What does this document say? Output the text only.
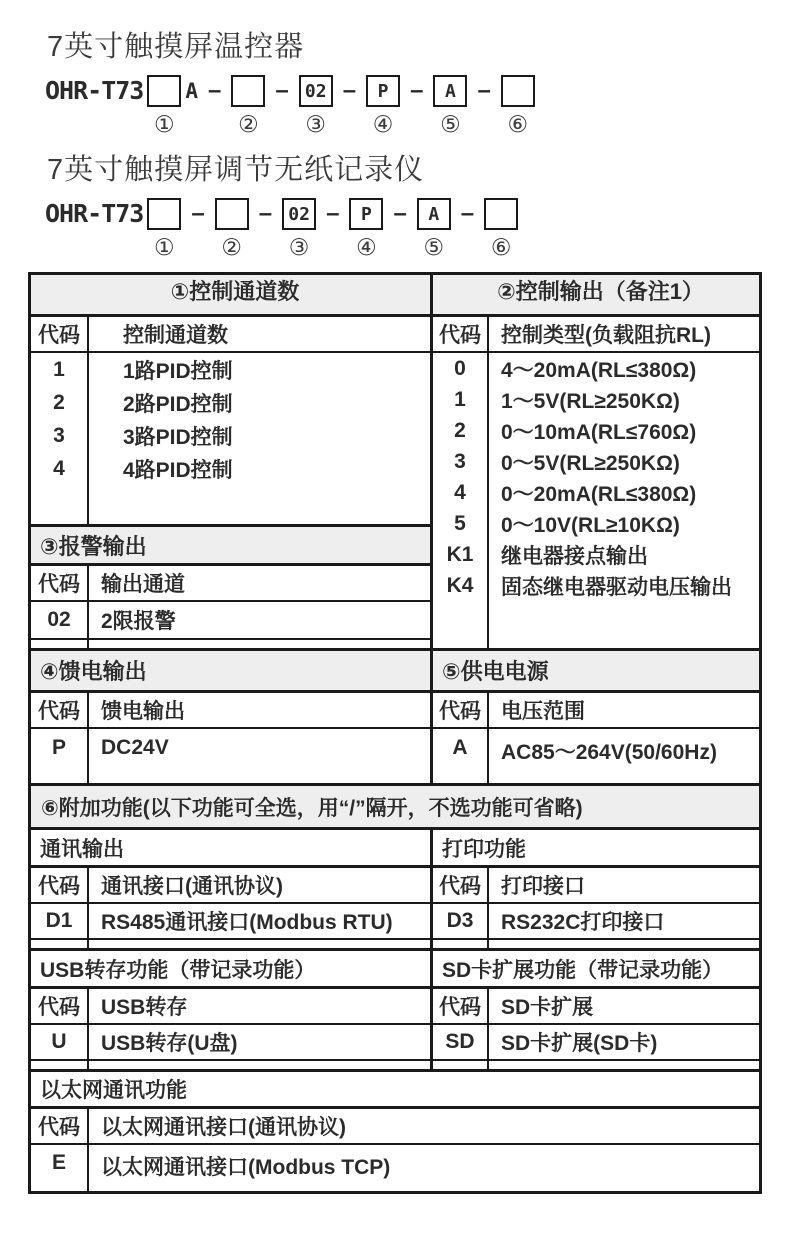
7英寸触摸屏温控器
OHR-T73 A
①
–
②
– 02
③
–	P
④
–	A
⑤
–
⑥
7英寸触摸屏调节无纸记录仪
OHR-T73
①
–
②
– 02
③
–	P
④
–	A
⑤
–
⑥
①控制通道数	②控制输出（备注1）
代码	控制通道数
1	1路PID控制
2	2路PID控制
3	3路PID控制
4	4路PID控制
③报警输出
代码	输出通道
02	2限报警
代码 控制类型(负载阻抗RL)
0	4～20mA(RL≤380Ω)
1	1～5V(RL≥250KΩ)
2	0～10mA(RL≤760Ω)
3	0～5V(RL≥250KΩ)
4	0～20mA(RL≤380Ω)
5	0～10V(RL≥10KΩ)
K1	继电器接点输出
K4	固态继电器驱动电压输出
④馈电输出
代码	馈电输出
P	DC24V
⑤供电电源
代码 电压范围
A	AC85～264V(50/60Hz)
⑥附加功能(以下功能可全选，用“/”隔开，不选功能可省略)
通讯输出
代码	通讯接口(通讯协议)
D1	RS485通讯接口(Modbus RTU)
打印功能
代码 打印接口
D3	RS232C打印接口
USB转存功能（带记录功能）
代码	USB转存
U	USB转存(U盘)
SD卡扩展功能（带记录功能）
代码 SD卡扩展
SD	SD卡扩展(SD卡)
以太网通讯功能
代码	以太网通讯接口(通讯协议)
E	以太网通讯接口(Modbus TCP)
